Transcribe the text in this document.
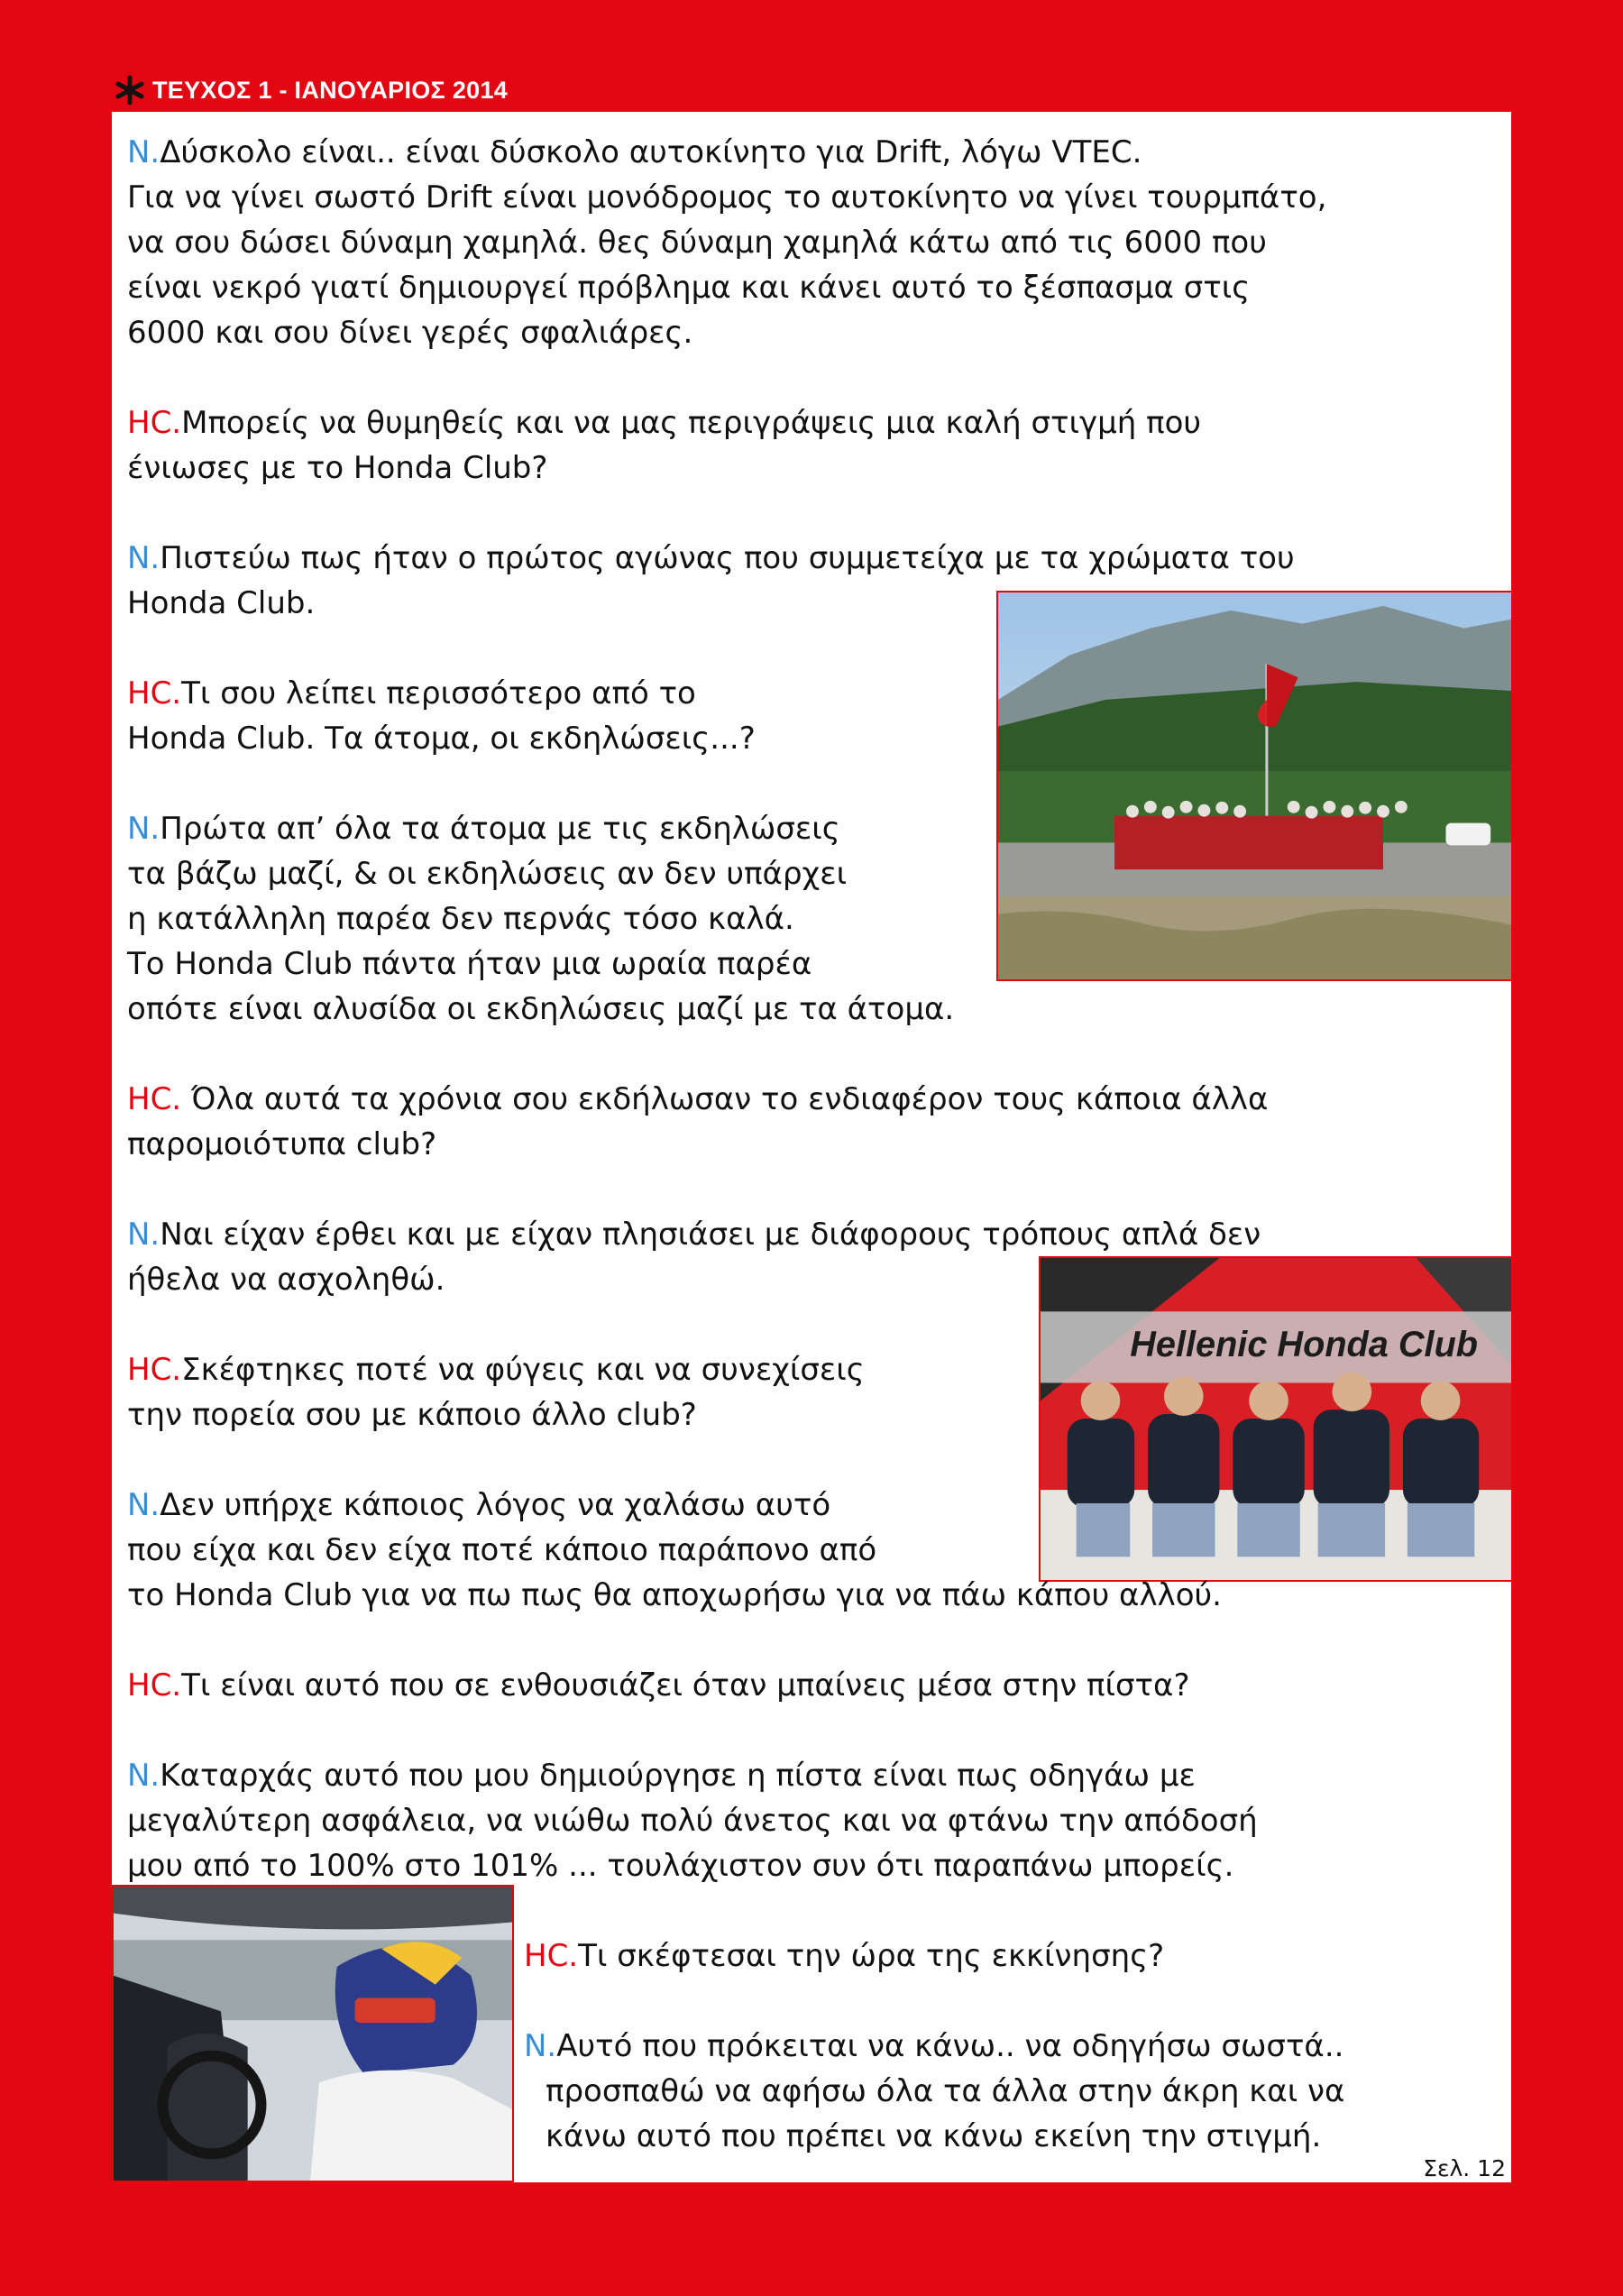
ΤΕΥΧΟΣ 1 - ΙΑΝΟΥΑΡΙΟΣ 2014
Hellenic Honda Club
N.Δύσκολο είναι.. είναι δύσκολο αυτοκίνητο για Drift, λόγω VTEC.
Για να γίνει σωστό Drift είναι μονόδρομος το αυτοκίνητο να γίνει τουρμπάτο,
να σου δώσει δύναμη χαμηλά. θες δύναμη χαμηλά κάτω από τις 6000 που
είναι νεκρό γιατί δημιουργεί πρόβλημα και κάνει αυτό το ξέσπασμα στις
6000 και σου δίνει γερές σφαλιάρες.
HC.Μπορείς να θυμηθείς και να μας περιγράψεις μια καλή στιγμή που
ένιωσες με το Honda Club?
N.Πιστεύω πως ήταν ο πρώτος αγώνας που συμμετείχα με τα χρώματα του
Honda Club.
HC.Τι σου λείπει περισσότερο από το
Honda Club. Τα άτομα, οι εκδηλώσεις...?
N.Πρώτα απ’ όλα τα άτομα με τις εκδηλώσεις
τα βάζω μαζί, & οι εκδηλώσεις αν δεν υπάρχει
η κατάλληλη παρέα δεν περνάς τόσο καλά.
Το Honda Club πάντα ήταν μια ωραία παρέα
οπότε είναι αλυσίδα οι εκδηλώσεις μαζί με τα άτομα.
HC. Όλα αυτά τα χρόνια σου εκδήλωσαν το ενδιαφέρον τους κάποια άλλα
παρομοιότυπα club?
N.Ναι είχαν έρθει και με είχαν πλησιάσει με διάφορους τρόπους απλά δεν
ήθελα να ασχοληθώ.
HC.Σκέφτηκες ποτέ να φύγεις και να συνεχίσεις
την πορεία σου με κάποιο άλλο club?
N.Δεν υπήρχε κάποιος λόγος να χαλάσω αυτό
που είχα και δεν είχα ποτέ κάποιο παράπονο από
το Honda Club για να πω πως θα αποχωρήσω για να πάω κάπου αλλού.
HC.Τι είναι αυτό που σε ενθουσιάζει όταν μπαίνεις μέσα στην πίστα?
N.Καταρχάς αυτό που μου δημιούργησε η πίστα είναι πως οδηγάω με
μεγαλύτερη ασφάλεια, να νιώθω πολύ άνετος και να φτάνω την απόδοσή
μου από το 100% στο 101% ... τουλάχιστον συν ότι παραπάνω μπορείς.
HC.Τι σκέφτεσαι την ώρα της εκκίνησης?
N.Αυτό που πρόκειται να κάνω.. να οδηγήσω σωστά..
προσπαθώ να αφήσω όλα τα άλλα στην άκρη και να
κάνω αυτό που πρέπει να κάνω εκείνη την στιγμή.
Σελ. 12
